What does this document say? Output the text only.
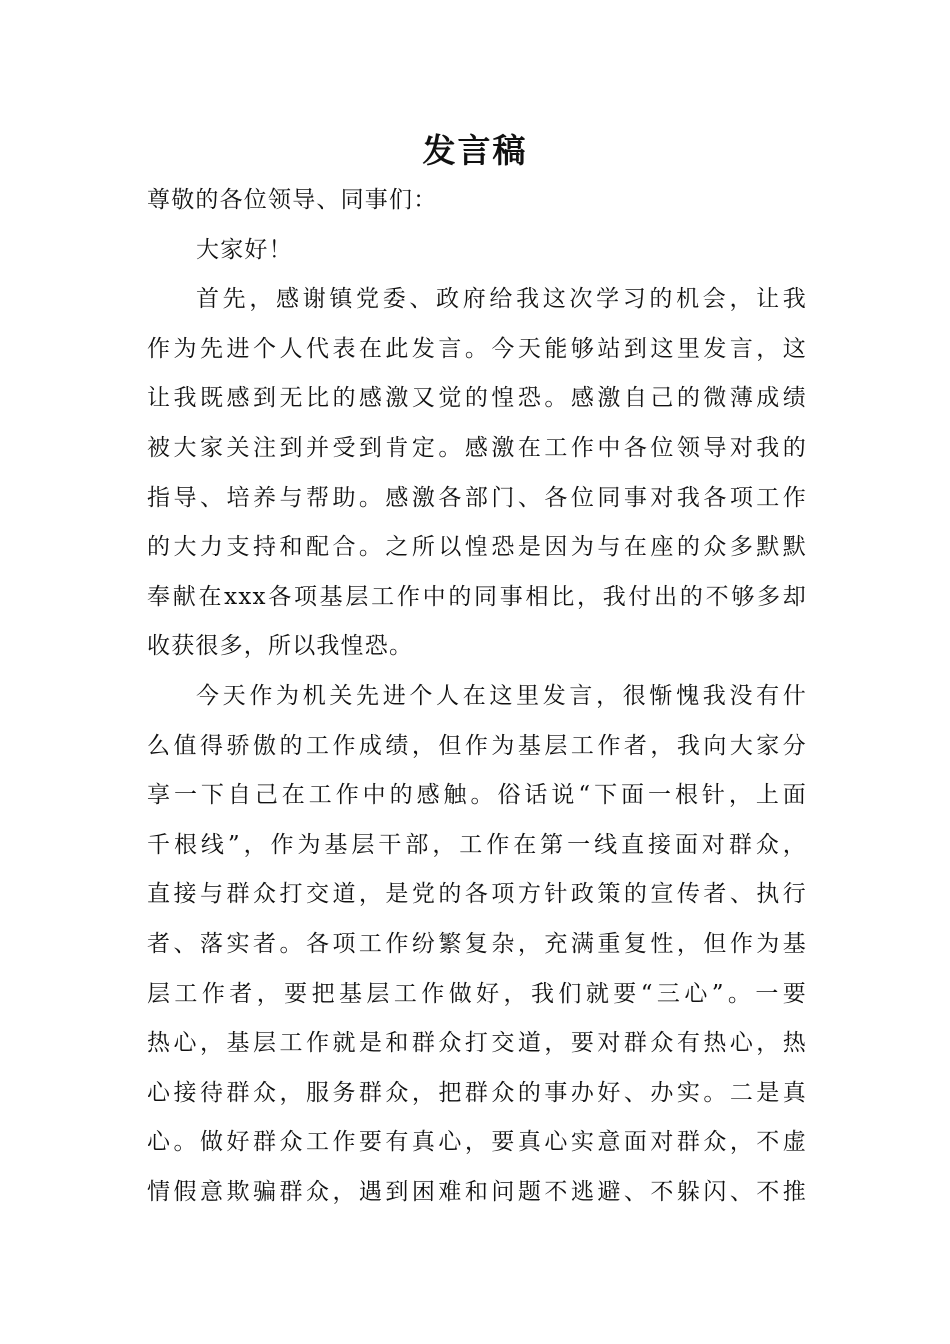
发言稿
尊敬的各位领导、同事们：
大家好！
首先，感谢镇党委、政府给我这次学习的机会，让我
作为先进个人代表在此发言。今天能够站到这里发言，这
让我既感到无比的感激又觉的惶恐。感激自己的微薄成绩
被大家关注到并受到肯定。感激在工作中各位领导对我的
指导、培养与帮助。感激各部门、各位同事对我各项工作
的大力支持和配合。之所以惶恐是因为与在座的众多默默
奉献在xxx各项基层工作中的同事相比，我付出的不够多却
收获很多，所以我惶恐。
今天作为机关先进个人在这里发言，很惭愧我没有什
么值得骄傲的工作成绩，但作为基层工作者，我向大家分
享一下自己在工作中的感触。俗话说“下面一根针，上面
千根线”，作为基层干部，工作在第一线直接面对群众，
直接与群众打交道，是党的各项方针政策的宣传者、执行
者、落实者。各项工作纷繁复杂，充满重复性，但作为基
层工作者，要把基层工作做好，我们就要“三心”。一要
热心，基层工作就是和群众打交道，要对群众有热心，热
心接待群众，服务群众，把群众的事办好、办实。二是真
心。做好群众工作要有真心，要真心实意面对群众，不虚
情假意欺骗群众，遇到困难和问题不逃避、不躲闪、不推
